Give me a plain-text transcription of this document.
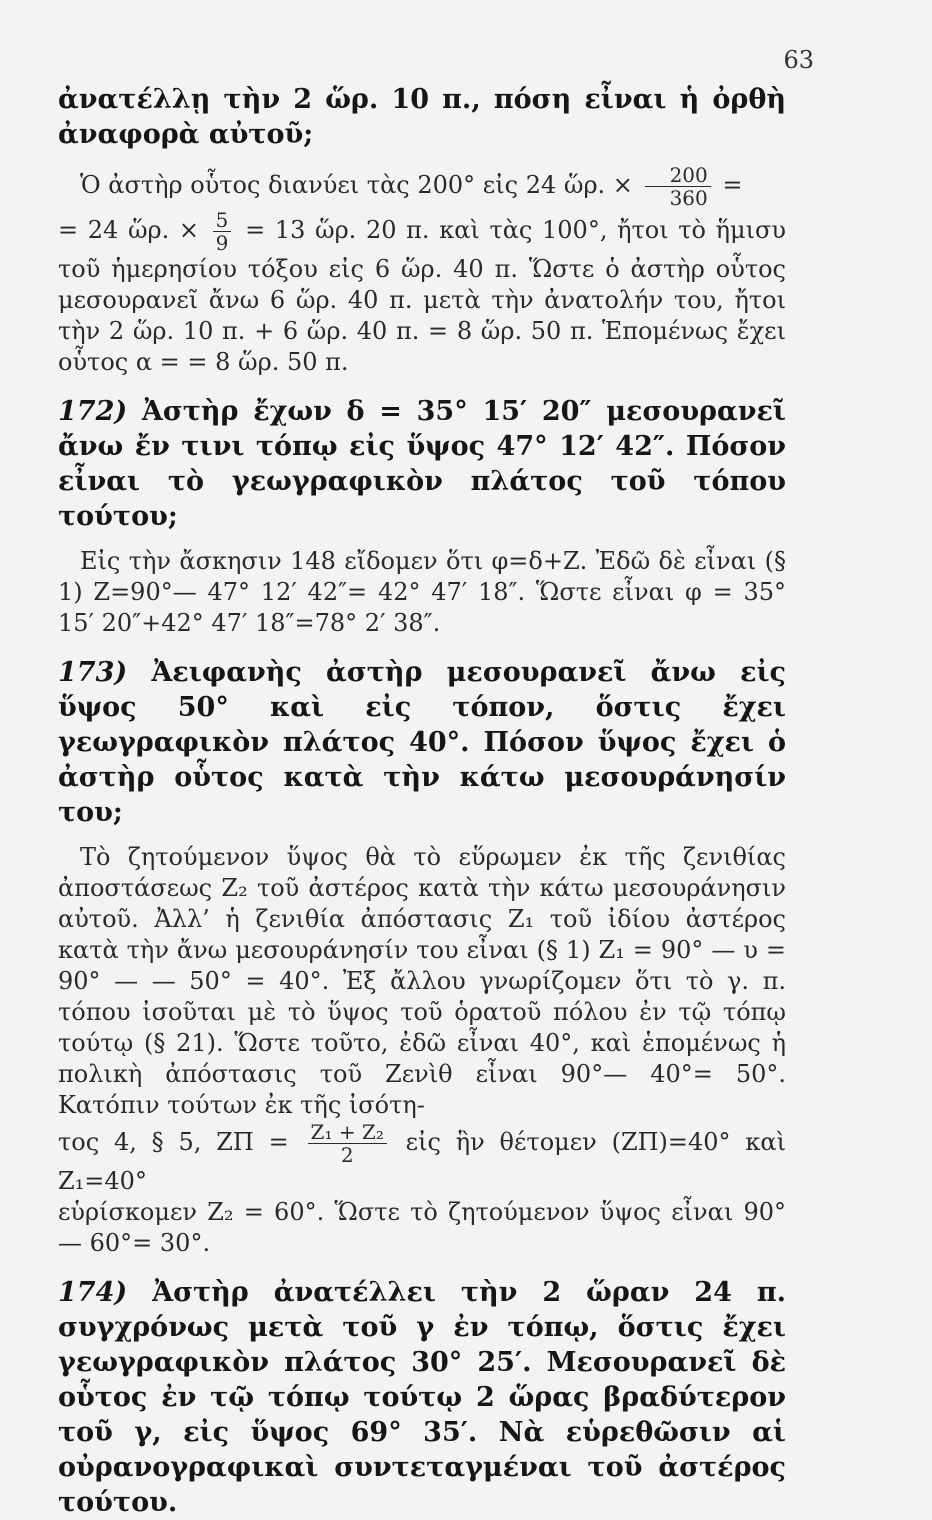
63

ἀνατέλλῃ τὴν 2 ὥρ. 10 π., πόση εἶναι ἡ ὀρθὴ ἀναφορὰ αὐτοῦ;

Ὁ ἀστὴρ οὗτος διανύει τὰς 200° εἰς 24 ὥρ. × $\frac{200}{360}$ =

= 24 ὥρ. × $\frac{5}{9} = 13$ ὥρ. 20 π. καὶ τὰς 100°, ἤτοι τὸ ἥμισυ τοῦ ἡμερησίου τόξου εἰς 6 ὥρ. 40 π. Ὥστε ὁ ἀστὴρ οὗτος μεσουρανεῖ ἄνω 6 ὥρ. 40 π. μετὰ τὴν ἀνατολήν του, ἤτοι τὴν 2 ὥρ. 10 π. + 6 ὥρ. 40 π. = 8 ὥρ. 50 π. Ἑπομένως ἔχει οὗτος α = = 8 ὥρ. 50 π.

172) Ἀστὴρ ἔχων δ = 35° 15′ 20″ μεσουρανεῖ ἄνω ἔν τινι τόπῳ εἰς ὕψος 47° 12′ 42″. Πόσον εἶναι τὸ γεωγραφικὸν πλάτος τοῦ τόπου τούτου;

Εἰς τὴν ἄσκησιν 148 εἴδομεν ὅτι φ=δ+Ζ. Ἐδῶ δὲ εἶναι (§ 1) Ζ=90°— 47° 12′ 42″= 42° 47′ 18″. Ὥστε εἶναι φ = 35° 15′ 20″+42° 47′ 18″=78° 2′ 38″.

173) Ἀειφανὴς ἀστὴρ μεσουρανεῖ ἄνω εἰς ὕψος 50° καὶ εἰς τόπον, ὅστις ἔχει γεωγραφικὸν πλάτος 40°. Πόσον ὕψος ἔχει ὁ ἀστὴρ οὗτος κατὰ τὴν κάτω μεσουράνησίν του;

Τὸ ζητούμενον ὕψος θὰ τὸ εὕρωμεν ἐκ τῆς ζενιθίας ἀποστάσεως Ζ₂ τοῦ ἀστέρος κατὰ τὴν κάτω μεσουράνησιν αὐτοῦ. Ἀλλ’ ἡ ζενιθία ἀπόστασις Ζ₁ τοῦ ἰδίου ἀστέρος κατὰ τὴν ἄνω μεσουράνησίν του εἶναι (§ 1) Ζ₁ = 90° — υ = 90° — — 50° = 40°. Ἐξ ἄλλου γνωρίζομεν ὅτι τὸ γ. π. τόπου ἰσοῦται μὲ τὸ ὕψος τοῦ ὁρατοῦ πόλου ἐν τῷ τόπῳ τούτῳ (§ 21). Ὥστε τοῦτο, ἐδῶ εἶναι 40°, καὶ ἑπομένως ἡ πολικὴ ἀπόστασις τοῦ Ζενὶθ εἶναι 90°— 40°= 50°. Κατόπιν τούτων ἐκ τῆς ἰσότη-

τος 4, § 5, $Z\Pi = \frac{\text{Ζ₁ + Ζ₂}}{2}$ εἰς ἣν θέτομεν (ΖΠ)=40° καὶ Ζ₁=40°

εὑρίσκομεν Ζ₂ = 60°. Ὥστε τὸ ζητούμενον ὕψος εἶναι 90°— 60°= 30°.

174) Ἀστὴρ ἀνατέλλει τὴν 2 ὥραν 24 π. συγχρόνως μετὰ τοῦ γ ἐν τόπῳ, ὅστις ἔχει γεωγραφικὸν πλάτος 30° 25′. Μεσουρανεῖ δὲ οὗτος ἐν τῷ τόπῳ τούτῳ 2 ὥρας βραδύτερον τοῦ γ, εἰς ὕψος 69° 35′. Νὰ εὑρεθῶσιν αἱ οὐρανογραφικαὶ συντεταγμέναι τοῦ ἀστέρος τούτου.
